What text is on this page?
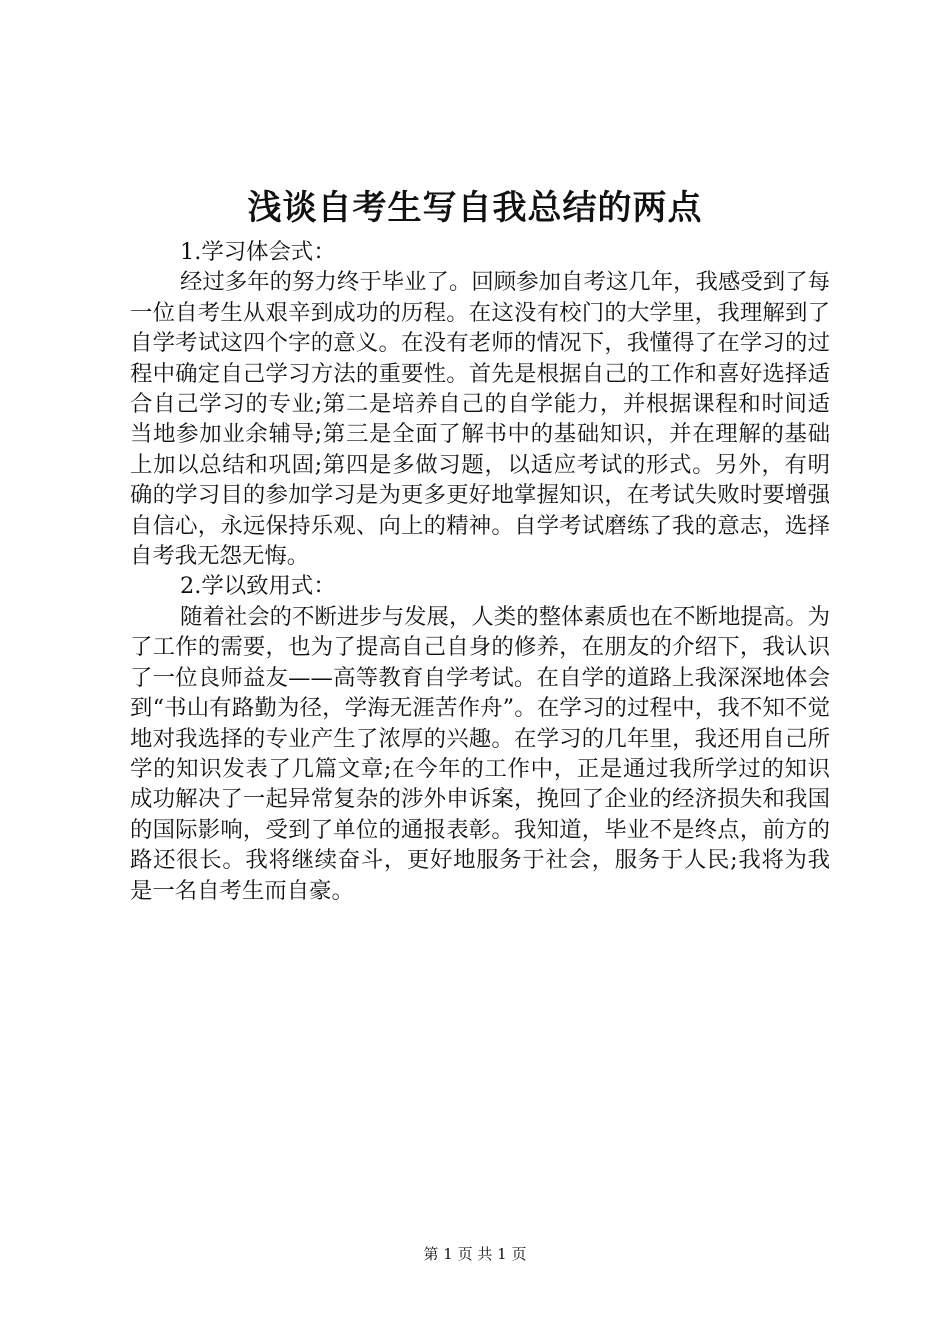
浅谈自考生写自我总结的两点
1.学习体会式：

经过多年的努力终于毕业了。回顾参加自考这几年，我感受到了每一位自考生从艰辛到成功的历程。在这没有校门的大学里，我理解到了自学考试这四个字的意义。在没有老师的情况下，我懂得了在学习的过程中确定自己学习方法的重要性。首先是根据自己的工作和喜好选择适合自己学习的专业;第二是培养自己的自学能力，并根据课程和时间适当地参加业余辅导;第三是全面了解书中的基础知识，并在理解的基础上加以总结和巩固;第四是多做习题，以适应考试的形式。另外，有明确的学习目的参加学习是为更多更好地掌握知识，在考试失败时要增强自信心，永远保持乐观、向上的精神。自学考试磨练了我的意志，选择自考我无怨无悔。

2.学以致用式：

随着社会的不断进步与发展，人类的整体素质也在不断地提高。为了工作的需要，也为了提高自己自身的修养，在朋友的介绍下，我认识了一位良师益友——高等教育自学考试。在自学的道路上我深深地体会到“书山有路勤为径，学海无涯苦作舟”。在学习的过程中，我不知不觉地对我选择的专业产生了浓厚的兴趣。在学习的几年里，我还用自己所学的知识发表了几篇文章;在今年的工作中，正是通过我所学过的知识成功解决了一起异常复杂的涉外申诉案，挽回了企业的经济损失和我国的国际影响，受到了单位的通报表彰。我知道，毕业不是终点，前方的路还很长。我将继续奋斗，更好地服务于社会，服务于人民;我将为我是一名自考生而自豪。

第 1 页 共 1 页
